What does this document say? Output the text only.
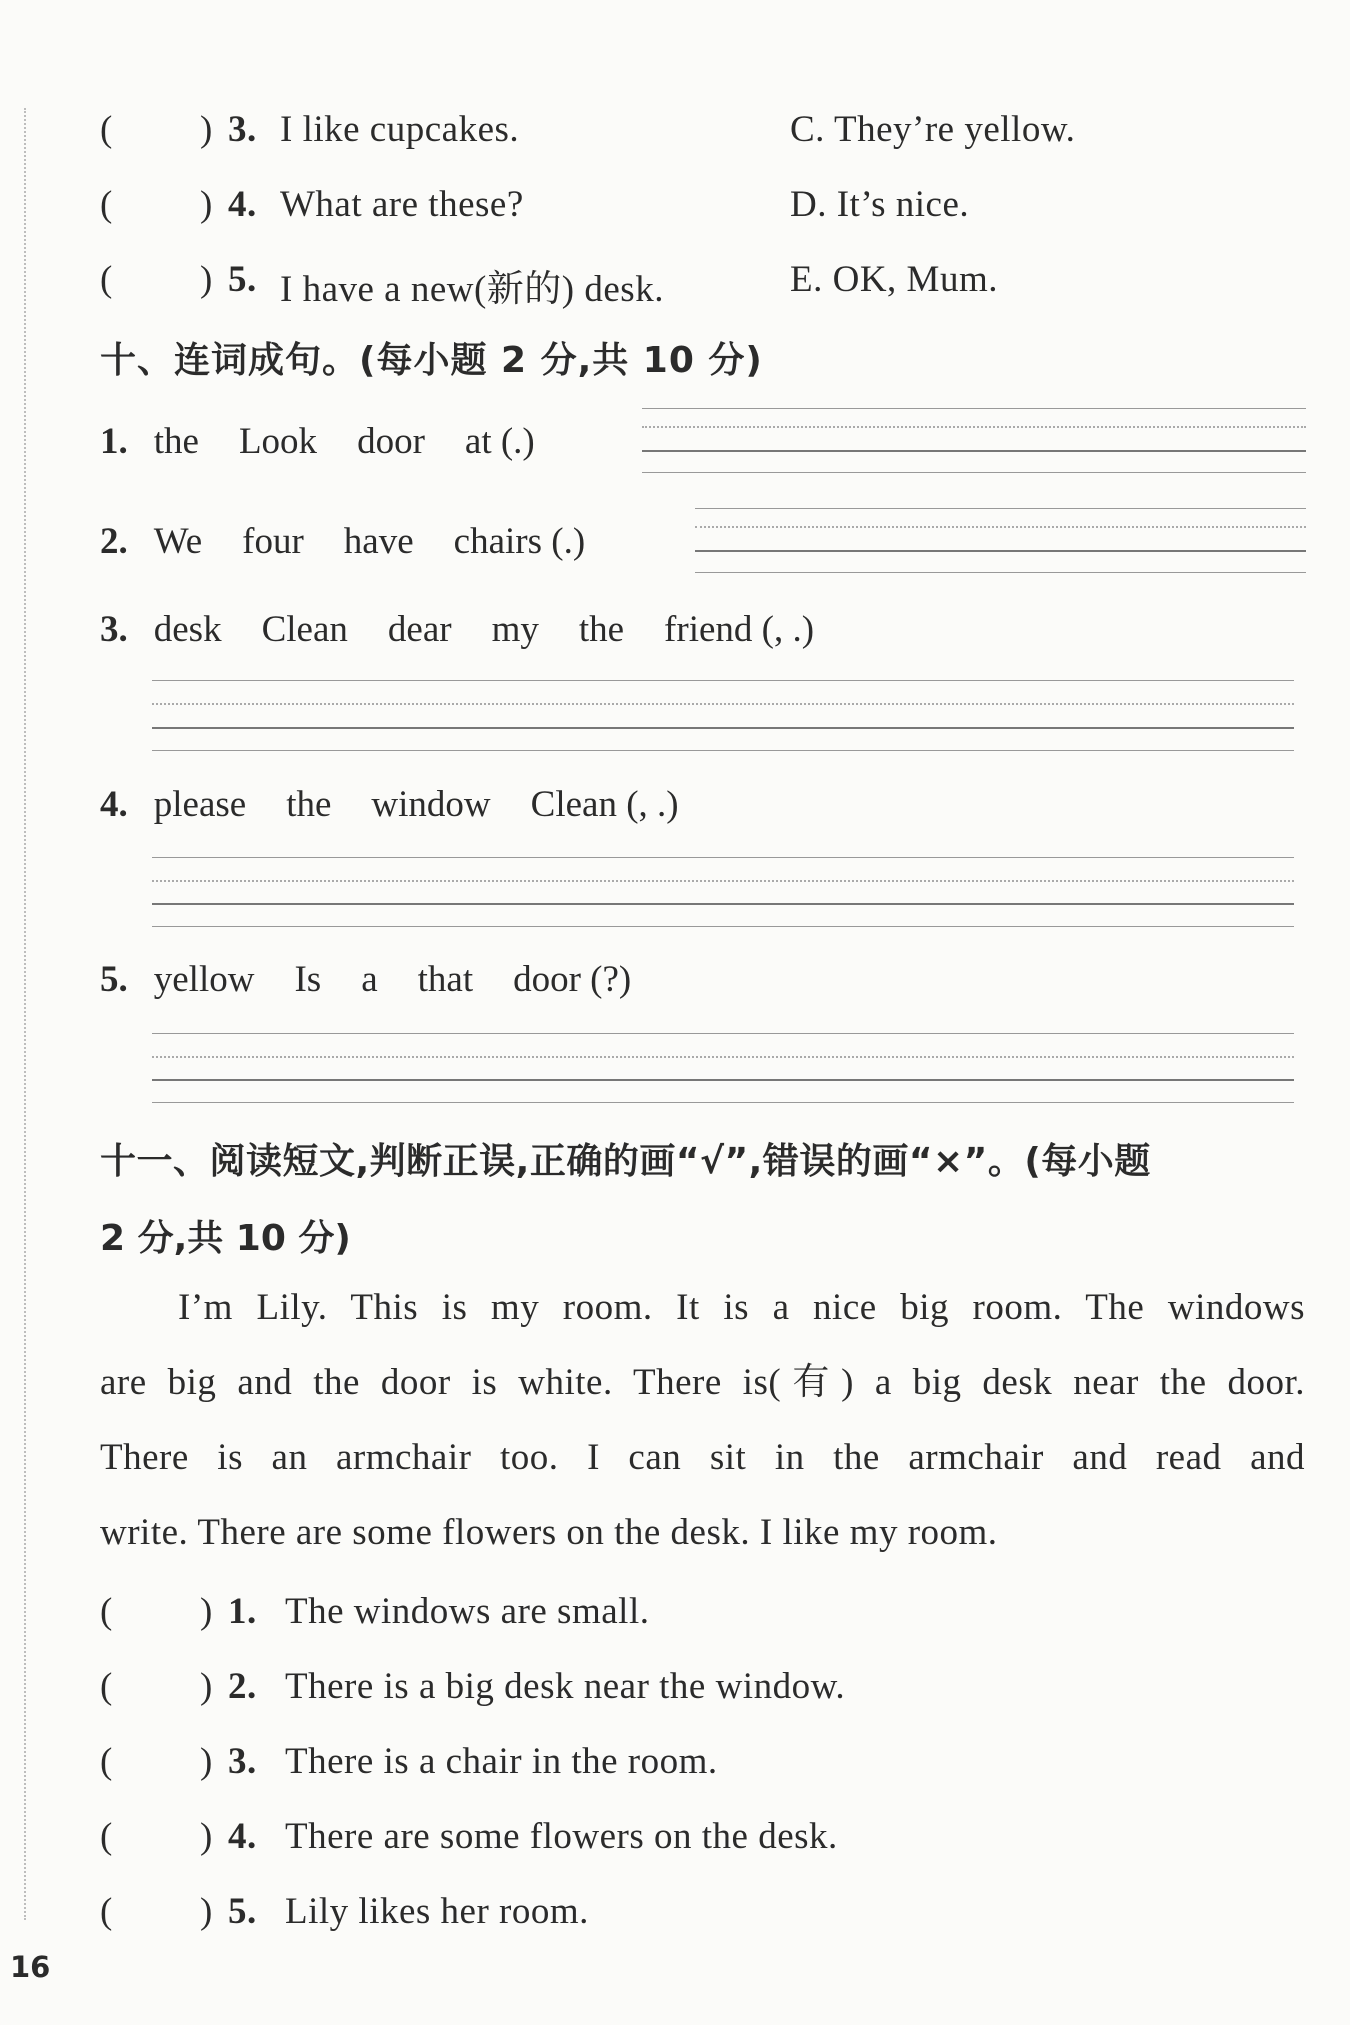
( ) 3. I like cupcakes.	C. They’re yellow.
( ) 4. What are these?	D. It’s nice.
( ) 5. I have a new(新的) desk.	E. OK, Mum.
十、连词成句。(每小题 2 分,共 10 分)
1. the Look door at (.)
2. We four have chairs (.)
3. desk Clean dear my the friend (, .)
4. please the window Clean (, .)
5. yellow Is a that door (?)
十一、阅读短文,判断正误,正确的画“√”,错误的画“×”。(每小题
2 分,共 10 分)
I’m Lily. This is my room. It is a nice big room. The windows
are big and the door is white. There is(有) a big desk near the door.
There is an armchair too. I can sit in the armchair and read and
write. There are some flowers on the desk. I like my room.
( ) 1. The windows are small.
( ) 2. There is a big desk near the window.
( ) 3. There is a chair in the room.
( ) 4. There are some flowers on the desk.
( ) 5. Lily likes her room.
16
